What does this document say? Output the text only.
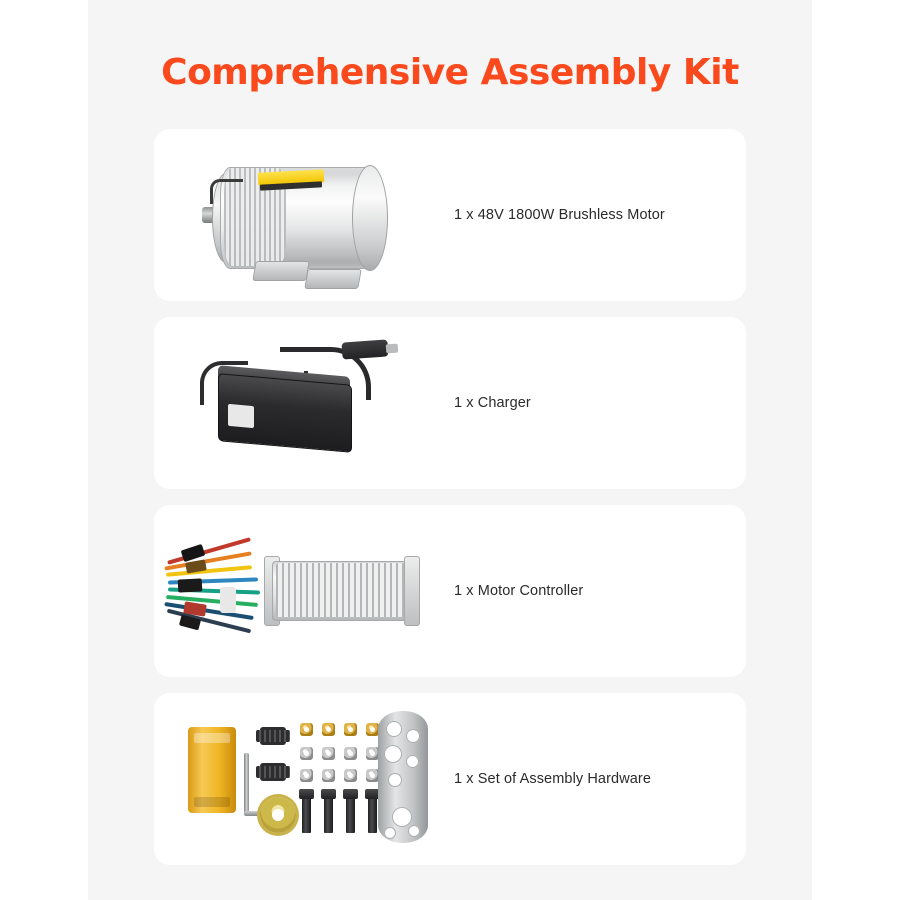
Comprehensive Assembly Kit
1 x 48V 1800W Brushless Motor
1 x Charger
1 x Motor Controller
1 x Set of Assembly Hardware
